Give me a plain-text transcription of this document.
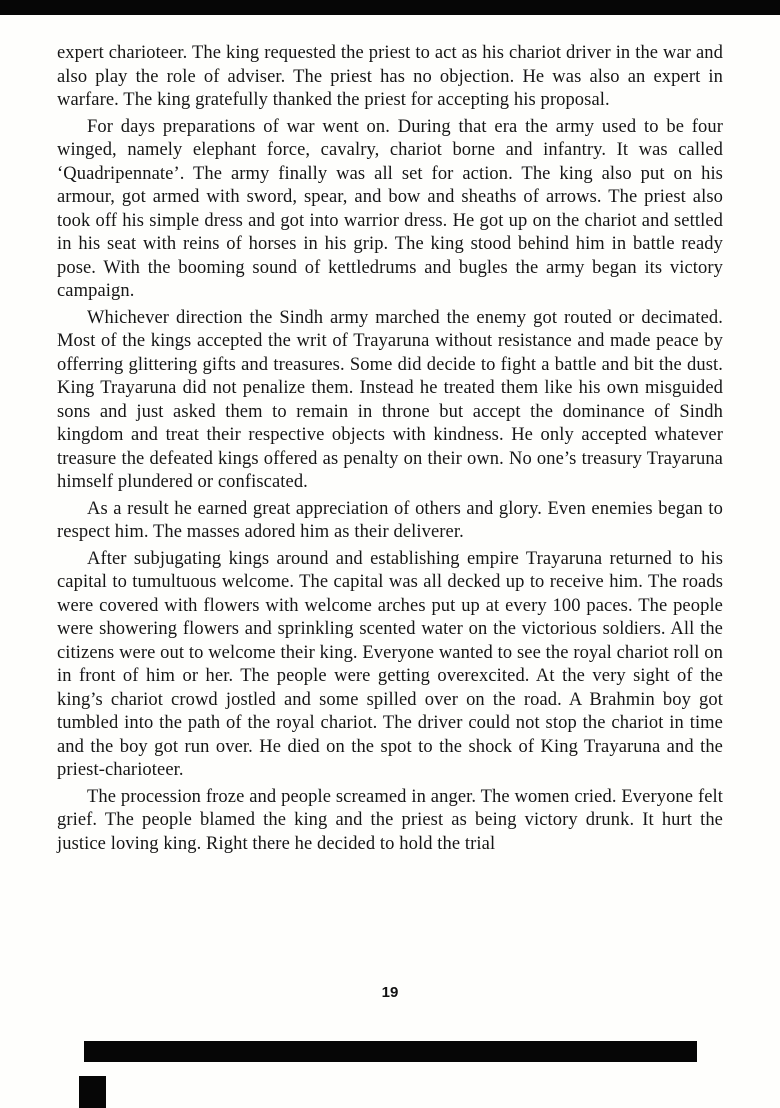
expert charioteer. The king requested the priest to act as his chariot driver in the war and also play the role of adviser. The priest has no objection. He was also an expert in warfare. The king gratefully thanked the priest for accepting his proposal.

For days preparations of war went on. During that era the army used to be four winged, namely elephant force, cavalry, chariot borne and infantry. It was called ‘Quadripennate’. The army finally was all set for action. The king also put on his armour, got armed with sword, spear, and bow and sheaths of arrows. The priest also took off his simple dress and got into warrior dress. He got up on the chariot and settled in his seat with reins of horses in his grip. The king stood behind him in battle ready pose. With the booming sound of kettledrums and bugles the army began its victory campaign.

Whichever direction the Sindh army marched the enemy got routed or decimated. Most of the kings accepted the writ of Trayaruna without resistance and made peace by offerring glittering gifts and treasures. Some did decide to fight a battle and bit the dust. King Trayaruna did not penalize them. Instead he treated them like his own misguided sons and just asked them to remain in throne but accept the dominance of Sindh kingdom and treat their respective objects with kindness. He only accepted whatever treasure the defeated kings offered as penalty on their own. No one’s treasury Trayaruna himself plundered or confiscated.

As a result he earned great appreciation of others and glory. Even enemies began to respect him. The masses adored him as their deliverer.

After subjugating kings around and establishing empire Trayaruna returned to his capital to tumultuous welcome. The capital was all decked up to receive him. The roads were covered with flowers with welcome arches put up at every 100 paces. The people were showering flowers and sprinkling scented water on the victorious soldiers. All the citizens were out to welcome their king. Everyone wanted to see the royal chariot roll on in front of him or her. The people were getting overexcited. At the very sight of the king’s chariot crowd jostled and some spilled over on the road. A Brahmin boy got tumbled into the path of the royal chariot. The driver could not stop the chariot in time and the boy got run over. He died on the spot to the shock of King Trayaruna and the priest-charioteer.

The procession froze and people screamed in anger. The women cried. Everyone felt grief. The people blamed the king and the priest as being victory drunk. It hurt the justice loving king. Right there he decided to hold the trial

19
